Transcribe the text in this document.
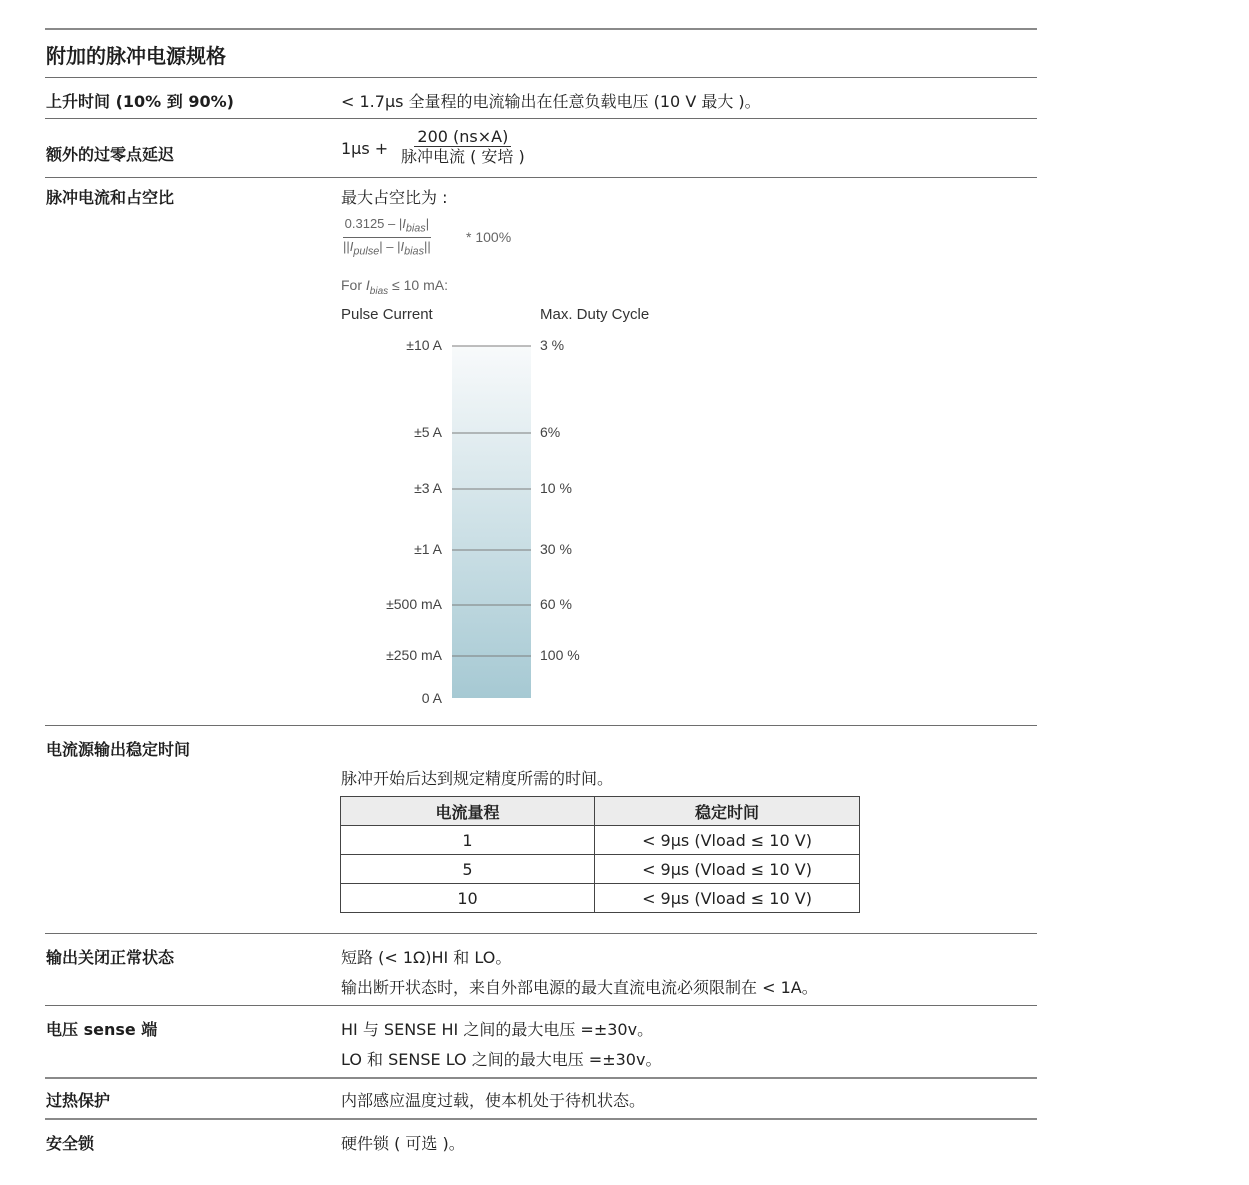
附加的脉冲电源规格
上升时间 (10% 到 90%)	< 1.7μs 全量程的电流输出在任意负载电压 (10 V 最大 )。
额外的过零点延迟	1μs +
200 (ns×A)
脉冲电流 ( 安培 )
脉冲电流和占空比	最大占空比为 :
$0.3125 - |I_{bias}|$
$||I_{pulse}| - |I_{bias}||$
* 100%
For $I_{bias} \le 10$ mA:
Pulse Current	Max. Duty Cycle
±10 A	3 %
±5 A	6%
±3 A	10 %
±1 A	30 %
±500 mA	60 %
±250 mA	100 %
0 A
电流源输出稳定时间
脉冲开始后达到规定精度所需的时间。
电流量程	稳定时间
1	< 9μs (Vload ≤ 10 V)
5	< 9μs (Vload ≤ 10 V)
10	< 9μs (Vload ≤ 10 V)
输出关闭正常状态	短路 (< 1Ω)HI 和 LO。
输出断开状态时，来自外部电源的最大直流电流必须限制在 < 1A。
电压 sense 端	HI 与 SENSE HI 之间的最大电压 =±30v。
LO 和 SENSE LO 之间的最大电压 =±30v。
过热保护	内部感应温度过载，使本机处于待机状态。
安全锁	硬件锁 ( 可选 )。
